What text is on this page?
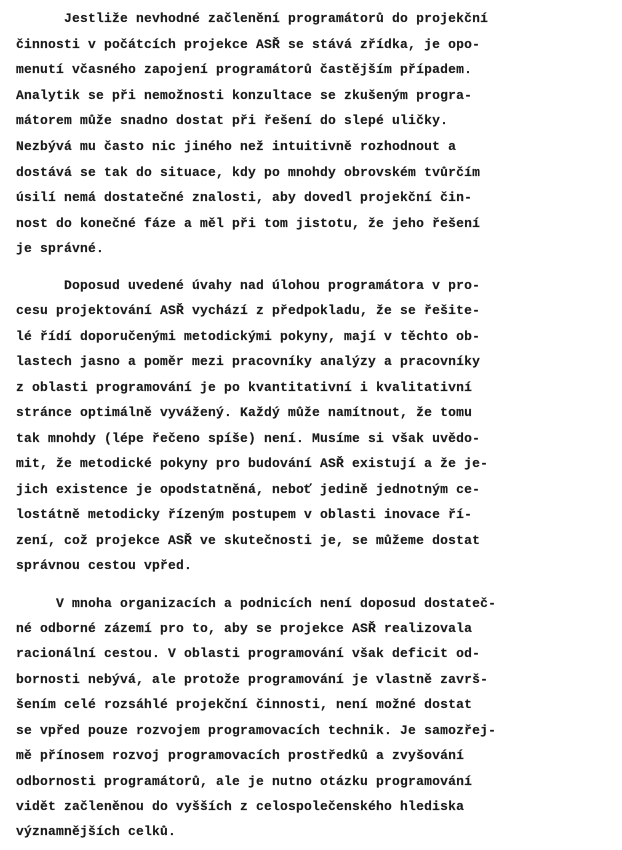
Jestliže nevhodné začlenění programátorů do projekční
činnosti v počátcích projekce ASŘ se stává zřídka, je opo-
menutí včasného zapojení programátorů častějším případem.
Analytik se při nemožnosti konzultace se zkušeným progra-
mátorem může snadno dostat při řešení do slepé uličky.
Nezbývá mu často nic jiného než intuitivně rozhodnout a
dostává se tak do situace, kdy po mnohdy obrovském tvůrčím
úsilí nemá dostatečné znalosti, aby dovedl projekční čin-
nost do konečné fáze a měl při tom jistotu, že jeho řešení
je správné.
Doposud uvedené úvahy nad úlohou programátora v pro-
cesu projektování ASŘ vychází z předpokladu, že se řešite-
lé řídí doporučenými metodickými pokyny, mají v těchto ob-
lastech jasno a poměr mezi pracovníky analýzy a pracovníky
z oblasti programování je po kvantitativní i kvalitativní
stránce optimálně vyvážený. Každý může namítnout, že tomu
tak mnohdy (lépe řečeno spíše) není. Musíme si však uvědo-
mit, že metodické pokyny pro budování ASŘ existují a že je-
jich existence je opodstatněná, neboť jedině jednotným ce-
lostátně metodicky řízeným postupem v oblasti inovace ří-
zení, což projekce ASŘ ve skutečnosti je, se můžeme dostat
správnou cestou vpřed.
V mnoha organizacích a podnicích není doposud dostateč-
né odborné zázemí pro to, aby se projekce ASŘ realizovala
racionální cestou. V oblasti programování však deficit od-
bornosti nebývá, ale protože programování je vlastně završ-
šením celé rozsáhlé projekční činnosti, není možné dostat
se vpřed pouze rozvojem programovacích technik. Je samozřej-
mě přínosem rozvoj programovacích prostředků a zvyšování
odbornosti programátorů, ale je nutno otázku programování
vidět začleněnou do vyšších z celospolečenského hlediska
významnějších celků.
